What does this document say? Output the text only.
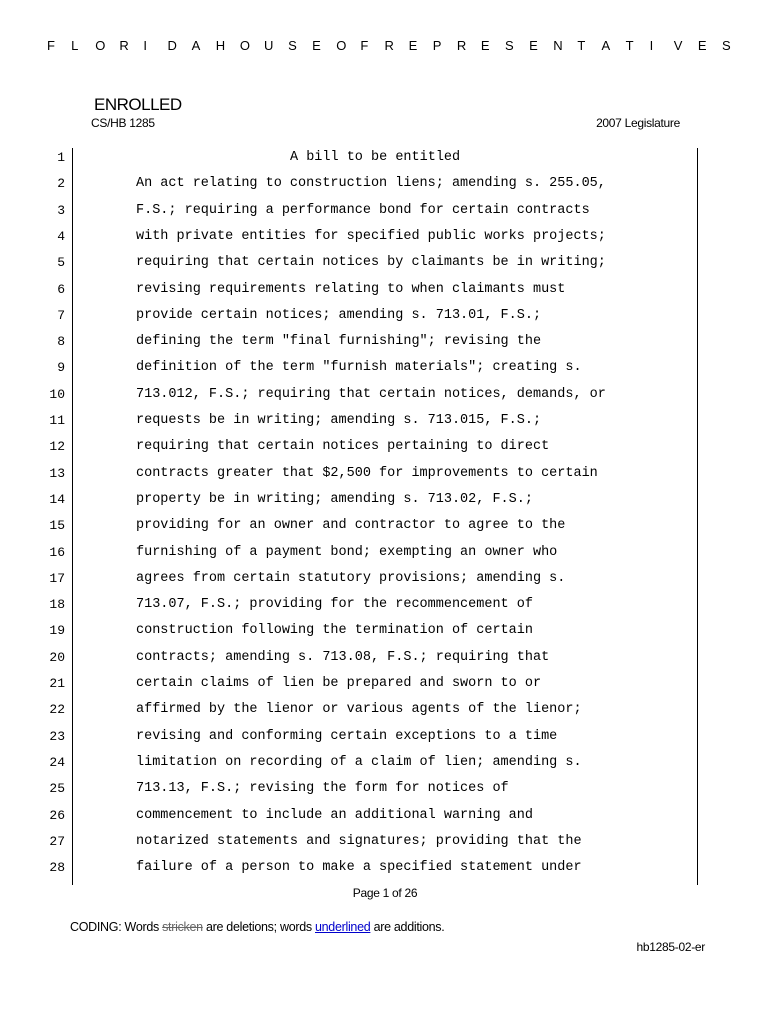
F L O R I D A H O U S E O F R E P R E S E N T A T I V E S
ENROLLED
CS/HB 1285	2007 Legislature
1	A bill to be entitled
2	An act relating to construction liens; amending s. 255.05,
3	F.S.; requiring a performance bond for certain contracts
4	with private entities for specified public works projects;
5	requiring that certain notices by claimants be in writing;
6	revising requirements relating to when claimants must
7	provide certain notices; amending s. 713.01, F.S.;
8	defining the term "final furnishing"; revising the
9	definition of the term "furnish materials"; creating s.
10	713.012, F.S.; requiring that certain notices, demands, or
11	requests be in writing; amending s. 713.015, F.S.;
12	requiring that certain notices pertaining to direct
13	contracts greater that $2,500 for improvements to certain
14	property be in writing; amending s. 713.02, F.S.;
15	providing for an owner and contractor to agree to the
16	furnishing of a payment bond; exempting an owner who
17	agrees from certain statutory provisions; amending s.
18	713.07, F.S.; providing for the recommencement of
19	construction following the termination of certain
20	contracts; amending s. 713.08, F.S.; requiring that
21	certain claims of lien be prepared and sworn to or
22	affirmed by the lienor or various agents of the lienor;
23	revising and conforming certain exceptions to a time
24	limitation on recording of a claim of lien; amending s.
25	713.13, F.S.; revising the form for notices of
26	commencement to include an additional warning and
27	notarized statements and signatures; providing that the
28	failure of a person to make a specified statement under
Page 1 of 26
CODING: Words stricken are deletions; words underlined are additions.
hb1285-02-er
